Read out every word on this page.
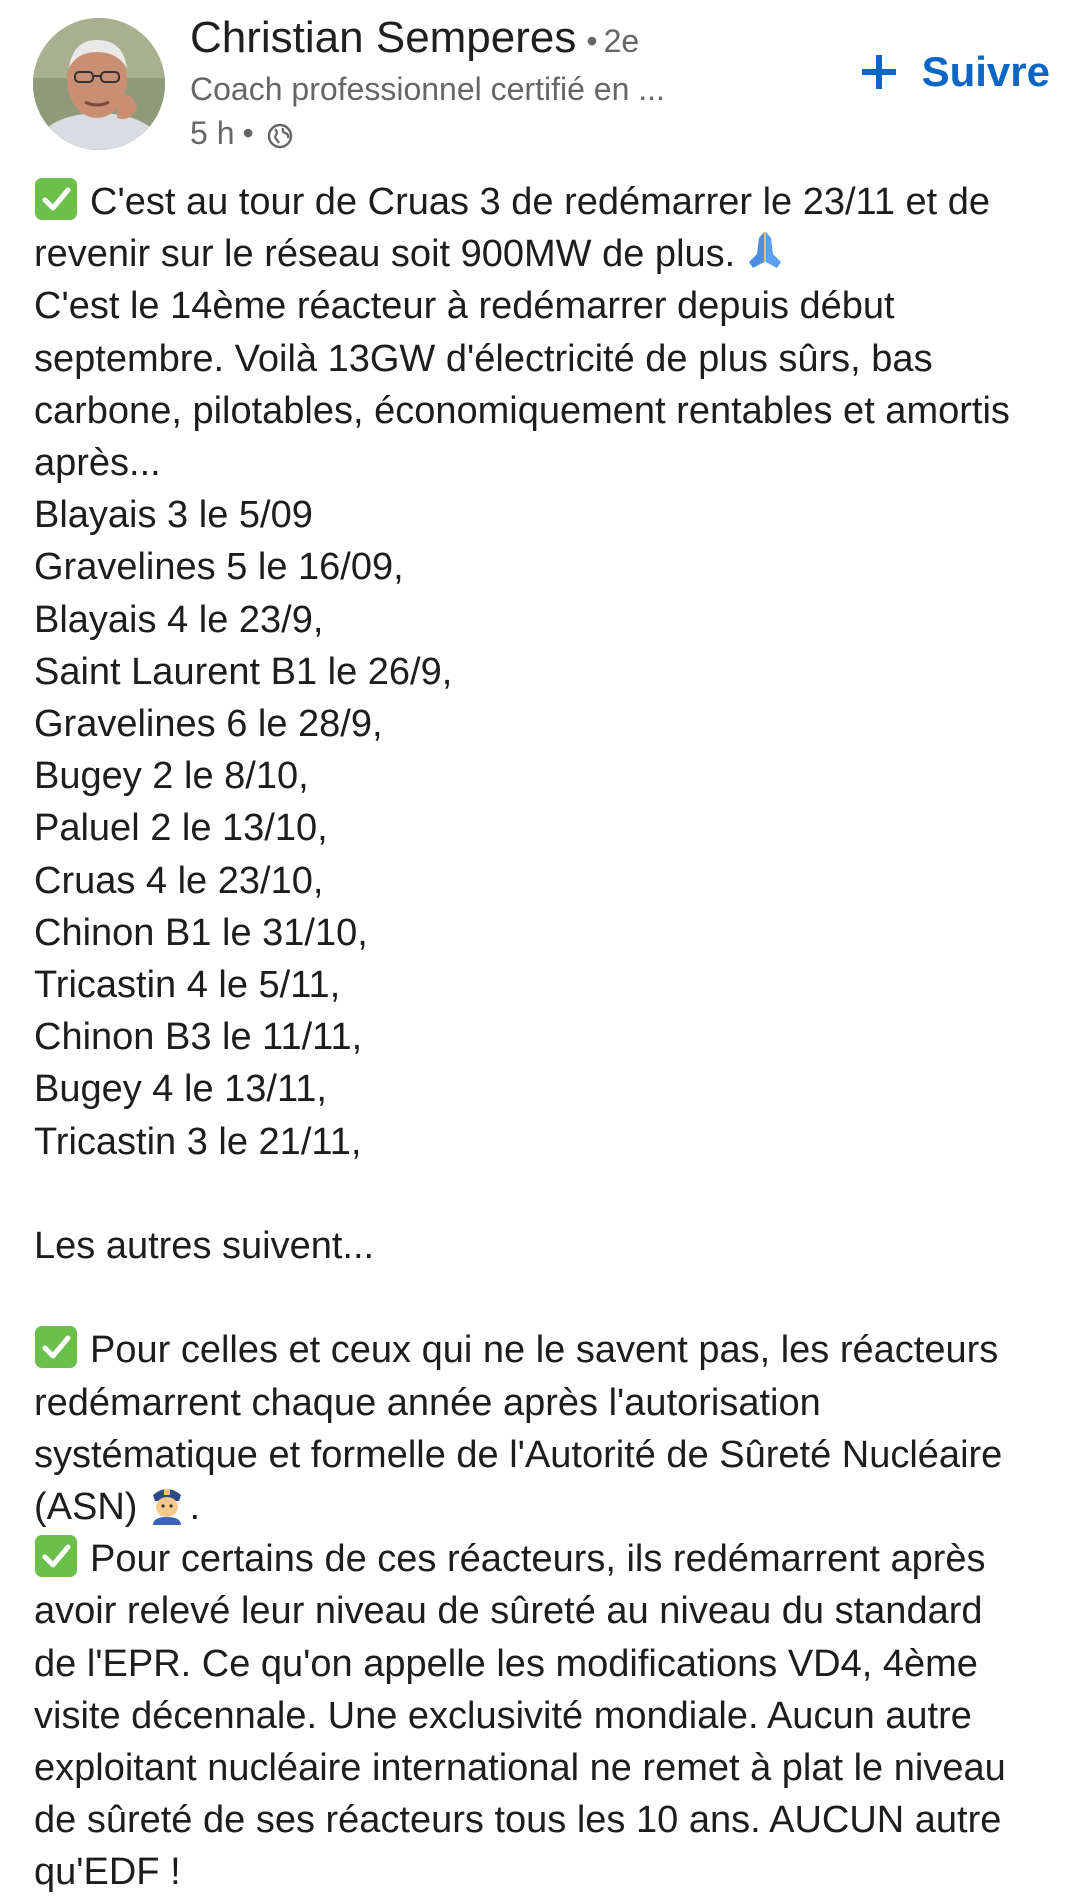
Christian Semperes • 2e
Coach professionnel certifié en ...
5 h •
Suivre
C'est au tour de Cruas 3 de redémarrer le 23/11 et de
revenir sur le réseau soit 900MW de plus.
C'est le 14ème réacteur à redémarrer depuis début
septembre. Voilà 13GW d'électricité de plus sûrs, bas
carbone, pilotables, économiquement rentables et amortis
après...
Blayais 3 le 5/09
Gravelines 5 le 16/09,
Blayais 4 le 23/9,
Saint Laurent B1 le 26/9,
Gravelines 6 le 28/9,
Bugey 2 le 8/10,
Paluel 2 le 13/10,
Cruas 4 le 23/10,
Chinon B1 le 31/10,
Tricastin 4 le 5/11,
Chinon B3 le 11/11,
Bugey 4 le 13/11,
Tricastin 3 le 21/11,
Les autres suivent...
Pour celles et ceux qui ne le savent pas, les réacteurs
redémarrent chaque année après l'autorisation
systématique et formelle de l'Autorité de Sûreté Nucléaire
(ASN) .
Pour certains de ces réacteurs, ils redémarrent après
avoir relevé leur niveau de sûreté au niveau du standard
de l'EPR. Ce qu'on appelle les modifications VD4, 4ème
visite décennale. Une exclusivité mondiale. Aucun autre
exploitant nucléaire international ne remet à plat le niveau
de sûreté de ses réacteurs tous les 10 ans. AUCUN autre
qu'EDF !
